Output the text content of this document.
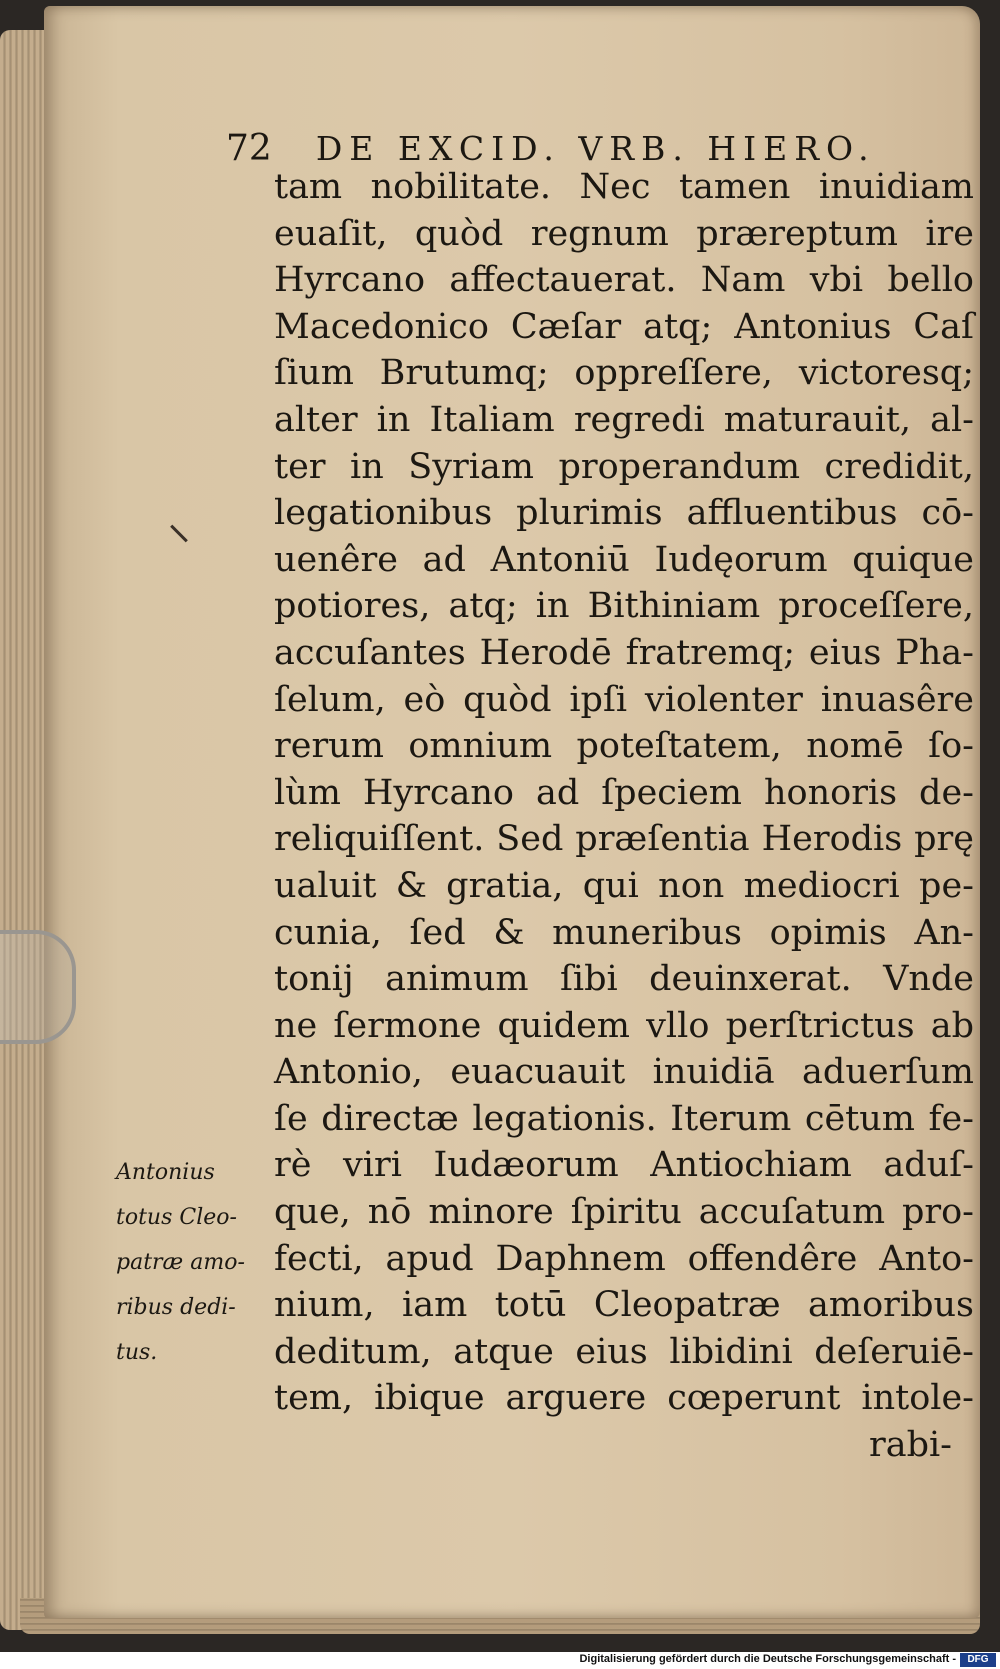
72 DE EXCID. VRB. HIERO.
tam nobilitate. Nec tamen inuidiam
euaſit, quòd regnum præreptum ire
Hyrcano affectauerat. Nam vbi bello
Macedonico Cæſar atq; Antonius Caſ
ſium Brutumq; oppreſſere, victoresq;
alter in Italiam regredi maturauit, al-
ter in Syriam properandum credidit,
legationibus plurimis affluentibus cō-
uenêre ad Antoniū Iudęorum quique
potiores, atq; in Bithiniam proceſſere,
accuſantes Herodē fratremq; eius Pha-
ſelum, eò quòd ipſi violenter inuasêre
rerum omnium poteſtatem, nomē ſo-
lùm Hyrcano ad ſpeciem honoris de-
reliquiſſent. Sed præſentia Herodis prę
ualuit & gratia, qui non mediocri pe-
cunia, ſed & muneribus opimis An-
tonij animum ſibi deuinxerat. Vnde
ne ſermone quidem vllo perſtrictus ab
Antonio, euacuauit inuidiā aduerſum
ſe directæ legationis. Iterum cētum fe-
rè viri Iudæorum Antiochiam aduſ-
que, nō minore ſpiritu accuſatum pro-
fecti, apud Daphnem offendêre Anto-
nium, iam totū Cleopatræ amoribus
deditum, atque eius libidini deſeruiē-
tem, ibique arguere cœperunt intole-
rabi-
Antonius
totus Cleo-
patræ amo-
ribus dedi-
tus.
Digitalisierung gefördert durch die Deutsche Forschungsgemeinschaft -	DFG
